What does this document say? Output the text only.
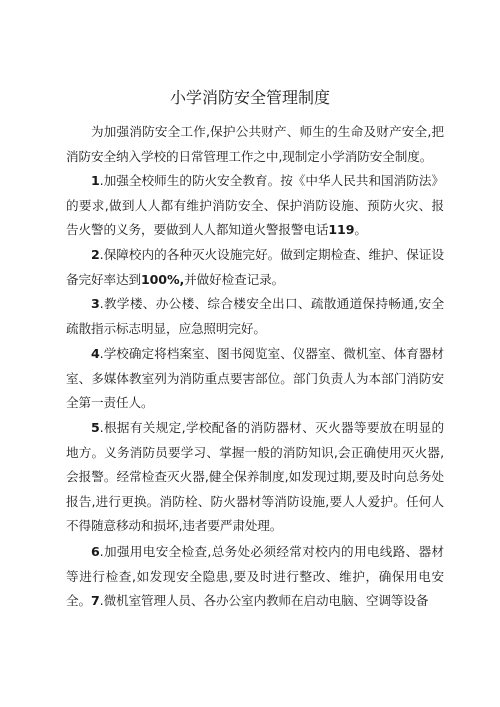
小学消防安全管理制度

为加强消防安全工作,保护公共财产、师生的生命及财产安全,把消防安全纳入学校的日常管理工作之中,现制定小学消防安全制度。

1.加强全校师生的防火安全教育。按《中华人民共和国消防法》的要求,做到人人都有维护消防安全、保护消防设施、预防火灾、报告火警的义务，要做到人人都知道火警报警电话119。

2.保障校内的各种灭火设施完好。做到定期检查、维护、保证设备完好率达到100%,并做好检查记录。

3.教学楼、办公楼、综合楼安全出口、疏散通道保持畅通,安全疏散指示标志明显，应急照明完好。

4.学校确定将档案室、图书阅览室、仪器室、微机室、体育器材室、多媒体教室列为消防重点要害部位。部门负责人为本部门消防安全第一责任人。

5.根据有关规定,学校配备的消防器材、灭火器等要放在明显的地方。义务消防员要学习、掌握一般的消防知识,会正确使用灭火器,会报警。经常检查灭火器,健全保养制度,如发现过期,要及时向总务处报告,进行更换。消防栓、防火器材等消防设施,要人人爱护。任何人不得随意移动和损坏,违者要严肃处理。

6.加强用电安全检查,总务处必须经常对校内的用电线路、器材等进行检查,如发现安全隐患,要及时进行整改、维护，确保用电安全。 7.微机室管理人员、各办公室内教师在启动电脑、空调等设备
